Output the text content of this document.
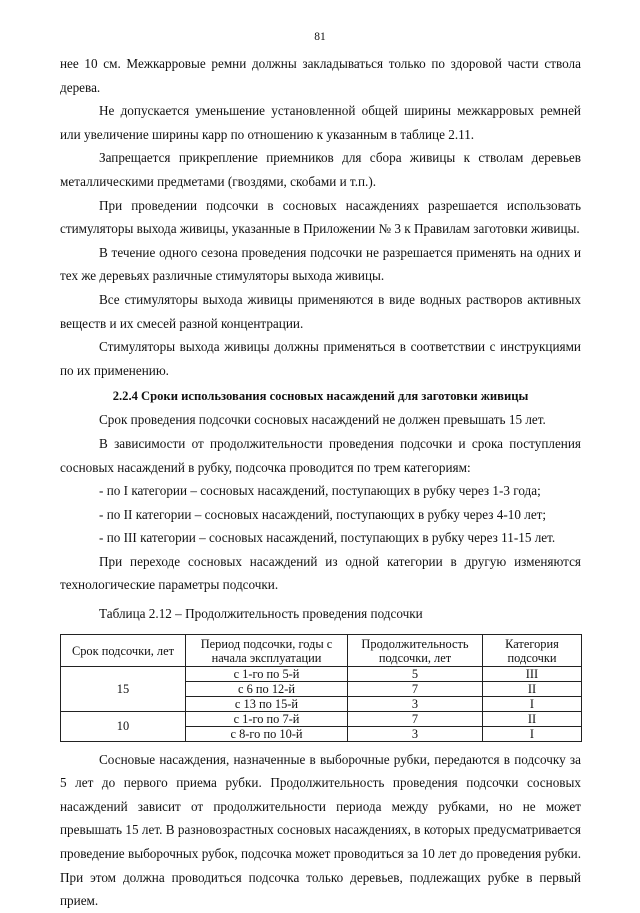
81

нее 10 см. Межкарровые ремни должны закладываться только по здоровой части ствола дерева.

Не допускается уменьшение установленной общей ширины межкарровых ремней или увеличение ширины карр по отношению к указанным в таблице 2.11.

Запрещается прикрепление приемников для сбора живицы к стволам деревьев металлическими предметами (гвоздями, скобами и т.п.).

При проведении подсочки в сосновых насаждениях разрешается использовать стимуляторы выхода живицы, указанные в Приложении № 3 к Правилам заготовки живицы.

В течение одного сезона проведения подсочки не разрешается применять на одних и тех же деревьях различные стимуляторы выхода живицы.

Все стимуляторы выхода живицы применяются в виде водных растворов активных веществ и их смесей разной концентрации.

Стимуляторы выхода живицы должны применяться в соответствии с инструкциями по их применению.

2.2.4 Сроки использования сосновых насаждений для заготовки живицы

Срок проведения подсочки сосновых насаждений не должен превышать 15 лет.

В зависимости от продолжительности проведения подсочки и срока поступления сосновых насаждений в рубку, подсочка проводится по трем категориям:

- по I категории – сосновых насаждений, поступающих в рубку через 1-3 года;

- по II категории – сосновых насаждений, поступающих в рубку через 4-10 лет;

- по III категории – сосновых насаждений, поступающих в рубку через 11-15 лет.

При переходе сосновых насаждений из одной категории в другую изменяются технологические параметры подсочки.

Таблица 2.12 – Продолжительность проведения подсочки

Срок подсочки, лет	Период подсочки, годы с начала эксплуатации	Продолжительность подсочки, лет	Категория подсочки
15	с 1-го по 5-й	5	III
	с 6 по 12-й	7	II
	с 13 по 15-й	3	I
10	с 1-го по 7-й	7	II
	с 8-го по 10-й	3	I

Сосновые насаждения, назначенные в выборочные рубки, передаются в подсочку за 5 лет до первого приема рубки. Продолжительность проведения подсочки сосновых насаждений зависит от продолжительности периода между рубками, но не может превышать 15 лет. В разновозрастных сосновых насаждениях, в которых предусматривается проведение выборочных рубок, подсочка может проводиться за 10 лет до проведения рубки. При этом должна проводиться подсочка только деревьев, подлежащих рубке в первый прием.
